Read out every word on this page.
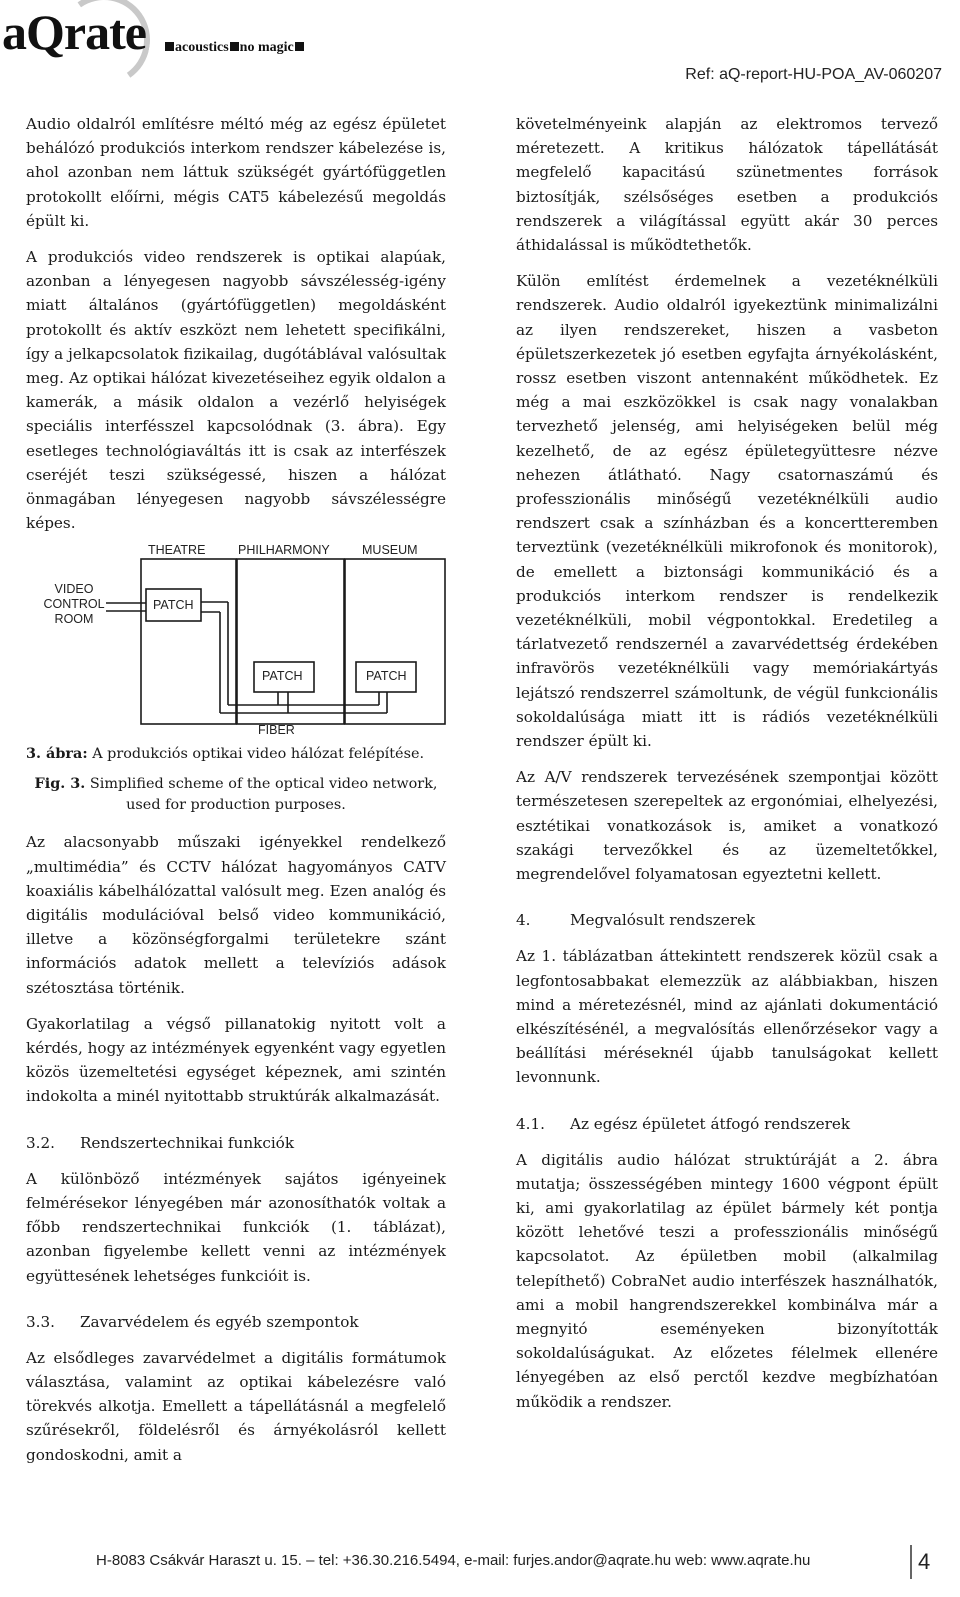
aQrate	acoustics no magic
Ref: aQ-report-HU-POA_AV-060207

Audio oldalról említésre méltó még az egész épületet behálózó produkciós interkom rendszer kábelezése is, ahol azonban nem láttuk szükségét gyártófüggetlen protokollt előírni, mégis CAT5 kábelezésű megoldás épült ki.

A produkciós video rendszerek is optikai alapúak, azonban a lényegesen nagyobb sávszélesség-igény miatt általános (gyártófüggetlen) megoldásként protokollt és aktív eszközt nem lehetett specifikálni, így a jelkapcsolatok fizikailag, dugótáblával valósultak meg. Az optikai hálózat kivezetéseihez egyik oldalon a kamerák, a másik oldalon a vezérlő helyiségek speciális interfésszel kapcsolódnak (3. ábra). Egy esetleges technológiaváltás itt is csak az interfészek cseréjét teszi szükségessé, hiszen a hálózat önmagában lényegesen nagyobb sávszélességre képes.

THEATRE	PHILHARMONY	MUSEUM
VIDEO
CONTROL
ROOM
PATCH
PATCH	PATCH
FIBER

3. ábra: A produkciós optikai video hálózat felépítése.

Fig. 3. Simplified scheme of the optical video network, used for production purposes.

Az alacsonyabb műszaki igényekkel rendelkező „multimédia” és CCTV hálózat hagyományos CATV koaxiális kábelhálózattal valósult meg. Ezen analóg és digitális modulációval belső video kommunikáció, illetve a közönségforgalmi területekre szánt információs adatok mellett a televíziós adások szétosztása történik.

Gyakorlatilag a végső pillanatokig nyitott volt a kérdés, hogy az intézmények egyenként vagy egyetlen közös üzemeltetési egységet képeznek, ami szintén indokolta a minél nyitottabb struktúrák alkalmazását.

3.2. Rendszertechnikai funkciók

A különböző intézmények sajátos igényeinek felmérésekor lényegében már azonosíthatók voltak a főbb rendszertechnikai funkciók (1. táblázat), azonban figyelembe kellett venni az intézmények együttesének lehetséges funkcióit is.

3.3. Zavarvédelem és egyéb szempontok

Az elsődleges zavarvédelmet a digitális formátumok választása, valamint az optikai kábelezésre való törekvés alkotja. Emellett a tápellátásnál a megfelelő szűrésekről, földelésről és árnyékolásról kellett gondoskodni, amit a

követelményeink alapján az elektromos tervező méretezett. A kritikus hálózatok tápellátását megfelelő kapacitású szünetmentes források biztosítják, szélsőséges esetben a produkciós rendszerek a világítással együtt akár 30 perces áthidalással is működtethetők.

Külön említést érdemelnek a vezetéknélküli rendszerek. Audio oldalról igyekeztünk minimalizálni az ilyen rendszereket, hiszen a vasbeton épületszerkezetek jó esetben egyfajta árnyékolásként, rossz esetben viszont antennaként működhetek. Ez még a mai eszközökkel is csak nagy vonalakban tervezhető jelenség, ami helyiségeken belül még kezelhető, de az egész épületegyüttesre nézve nehezen átlátható. Nagy csatornaszámú és professzionális minőségű vezetéknélküli audio rendszert csak a színházban és a koncertteremben terveztünk (vezetéknélküli mikrofonok és monitorok), de emellett a biztonsági kommunikáció és a produkciós interkom rendszer is rendelkezik vezetéknélküli, mobil végpontokkal. Eredetileg a tárlatvezető rendszernél a zavarvédettség érdekében infravörös vezetéknélküli vagy memóriakártyás lejátszó rendszerrel számoltunk, de végül funkcionális sokoldalúsága miatt itt is rádiós vezetéknélküli rendszer épült ki.

Az A/V rendszerek tervezésének szempontjai között természetesen szerepeltek az ergonómiai, elhelyezési, esztétikai vonatkozások is, amiket a vonatkozó szakági tervezőkkel és az üzemeltetőkkel, megrendelővel folyamatosan egyeztetni kellett.

4.	Megvalósult rendszerek

Az 1. táblázatban áttekintett rendszerek közül csak a legfontosabbakat elemezzük az alábbiakban, hiszen mind a méretezésnél, mind az ajánlati dokumentáció elkészítésénél, a megvalósítás ellenőrzésekor vagy a beállítási méréseknél újabb tanulságokat kellett levonnunk.

4.1. Az egész épületet átfogó rendszerek

A digitális audio hálózat struktúráját a 2. ábra mutatja; összességében mintegy 1600 végpont épült ki, ami gyakorlatilag az épület bármely két pontja között lehetővé teszi a professzionális minőségű kapcsolatot. Az épületben mobil (alkalmilag telepíthető) CobraNet audio interfészek használhatók, ami a mobil hangrendszerekkel kombinálva már a megnyitó eseményeken bizonyították sokoldalúságukat. Az előzetes félelmek ellenére lényegében az első perctől kezdve megbízhatóan működik a rendszer.

H-8083 Csákvár Haraszt u. 15. – tel: +36.30.216.5494, e-mail: furjes.andor@aqrate.hu web: www.aqrate.hu	4
